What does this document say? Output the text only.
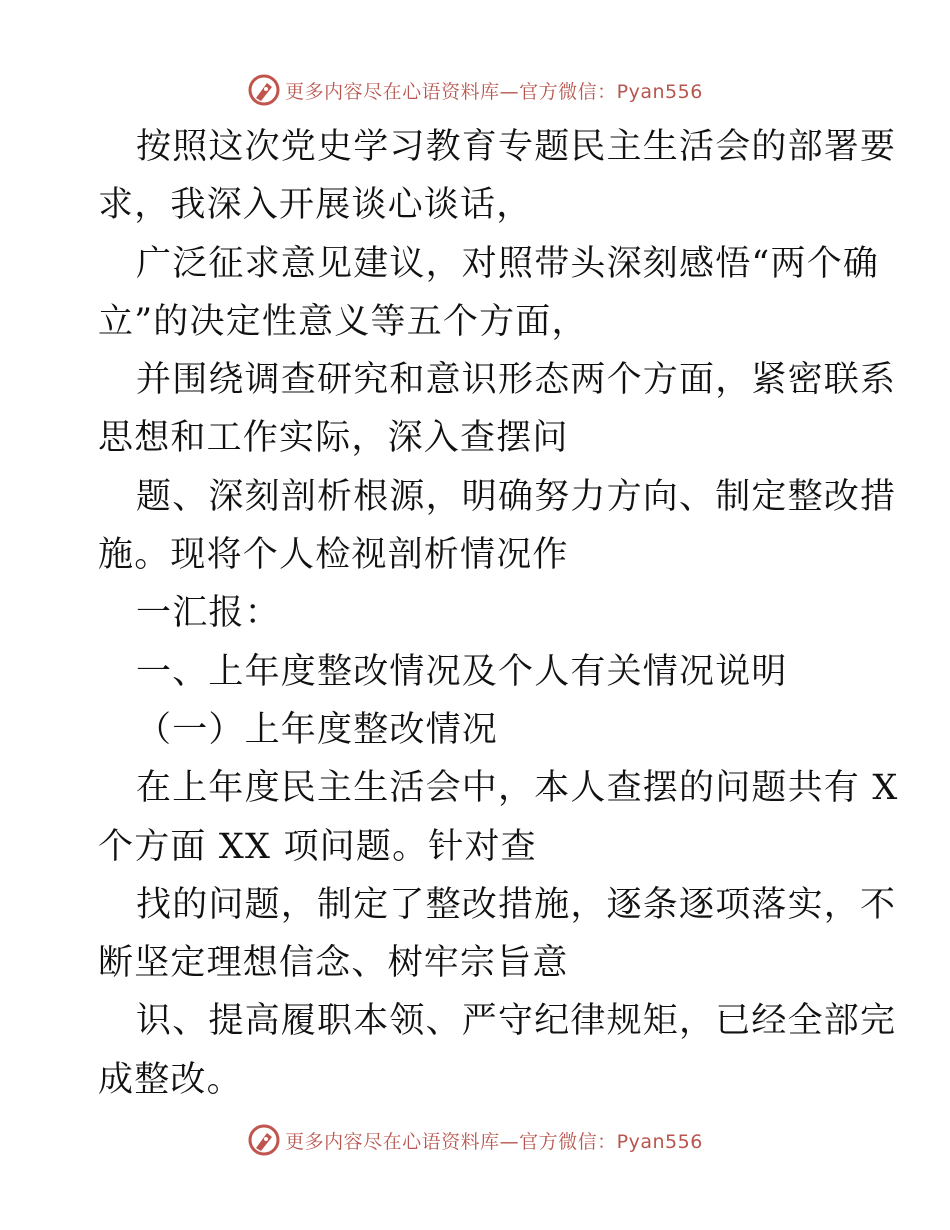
更多内容尽在心语资料库—官方微信：Pyan556
按照这次党史学习教育专题民主生活会的部署要
求，我深入开展谈心谈话，
广泛征求意见建议，对照带头深刻感悟“两个确
立”的决定性意义等五个方面，
并围绕调查研究和意识形态两个方面，紧密联系
思想和工作实际，深入查摆问
题、深刻剖析根源，明确努力方向、制定整改措
施。现将个人检视剖析情况作
一汇报：
一、上年度整改情况及个人有关情况说明
（一）上年度整改情况
在上年度民主生活会中，本人查摆的问题共有 X
个方面 XX 项问题。针对查
找的问题，制定了整改措施，逐条逐项落实，不
断坚定理想信念、树牢宗旨意
识、提高履职本领、严守纪律规矩，已经全部完
成整改。
更多内容尽在心语资料库—官方微信：Pyan556
